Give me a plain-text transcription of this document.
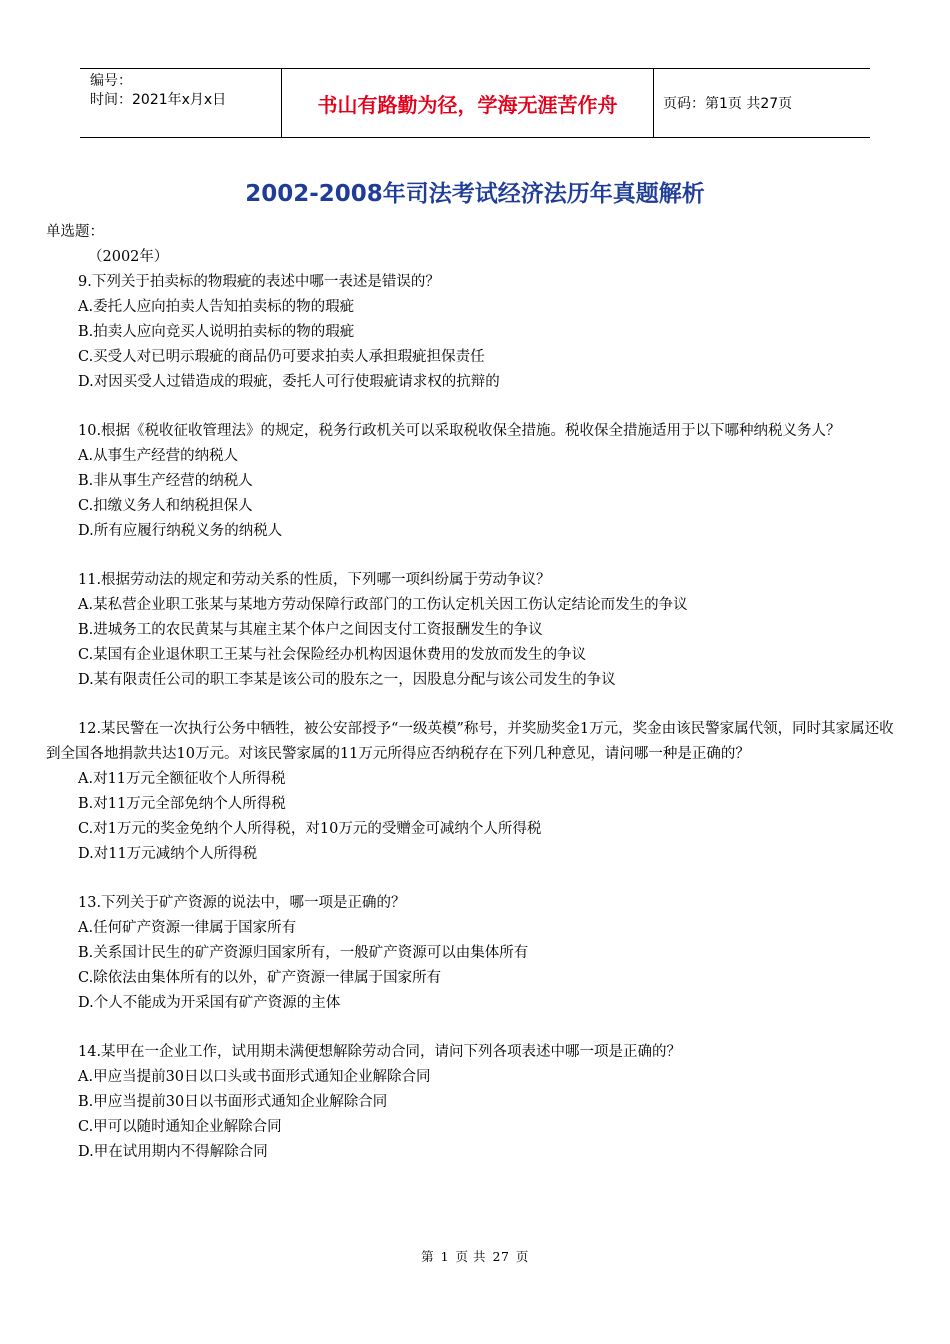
编号：
时间：2021年x月x日	书山有路勤为径，学海无涯苦作舟	页码：第1页 共27页
2002-2008年司法考试经济法历年真题解析

单选题：

（2002年）

9.下列关于拍卖标的物瑕疵的表述中哪一表述是错误的？

A.委托人应向拍卖人告知拍卖标的物的瑕疵

B.拍卖人应向竞买人说明拍卖标的物的瑕疵

C.买受人对已明示瑕疵的商品仍可要求拍卖人承担瑕疵担保责任

D.对因买受人过错造成的瑕疵，委托人可行使瑕疵请求权的抗辩的

10.根据《税收征收管理法》的规定，税务行政机关可以采取税收保全措施。税收保全措施适用于以下哪种纳税义务人？

A.从事生产经营的纳税人

B.非从事生产经营的纳税人

C.扣缴义务人和纳税担保人

D.所有应履行纳税义务的纳税人

11.根据劳动法的规定和劳动关系的性质，下列哪一项纠纷属于劳动争议？

A.某私营企业职工张某与某地方劳动保障行政部门的工伤认定机关因工伤认定结论而发生的争议

B.进城务工的农民黄某与其雇主某个体户之间因支付工资报酬发生的争议

C.某国有企业退休职工王某与社会保险经办机构因退休费用的发放而发生的争议

D.某有限责任公司的职工李某是该公司的股东之一，因股息分配与该公司发生的争议

12.某民警在一次执行公务中牺牲，被公安部授予“一级英模”称号，并奖励奖金1万元，奖金由该民警家属代领，同时其家属还收到全国各地捐款共达10万元。对该民警家属的11万元所得应否纳税存在下列几种意见，请问哪一种是正确的？

A.对11万元全额征收个人所得税

B.对11万元全部免纳个人所得税

C.对1万元的奖金免纳个人所得税，对10万元的受赠金可减纳个人所得税

D.对11万元减纳个人所得税

13.下列关于矿产资源的说法中，哪一项是正确的？

A.任何矿产资源一律属于国家所有

B.关系国计民生的矿产资源归国家所有，一般矿产资源可以由集体所有

C.除依法由集体所有的以外，矿产资源一律属于国家所有

D.个人不能成为开采国有矿产资源的主体

14.某甲在一企业工作，试用期未满便想解除劳动合同，请问下列各项表述中哪一项是正确的？

A.甲应当提前30日以口头或书面形式通知企业解除合同

B.甲应当提前30日以书面形式通知企业解除合同

C.甲可以随时通知企业解除合同

D.甲在试用期内不得解除合同

第 1 页 共 27 页
